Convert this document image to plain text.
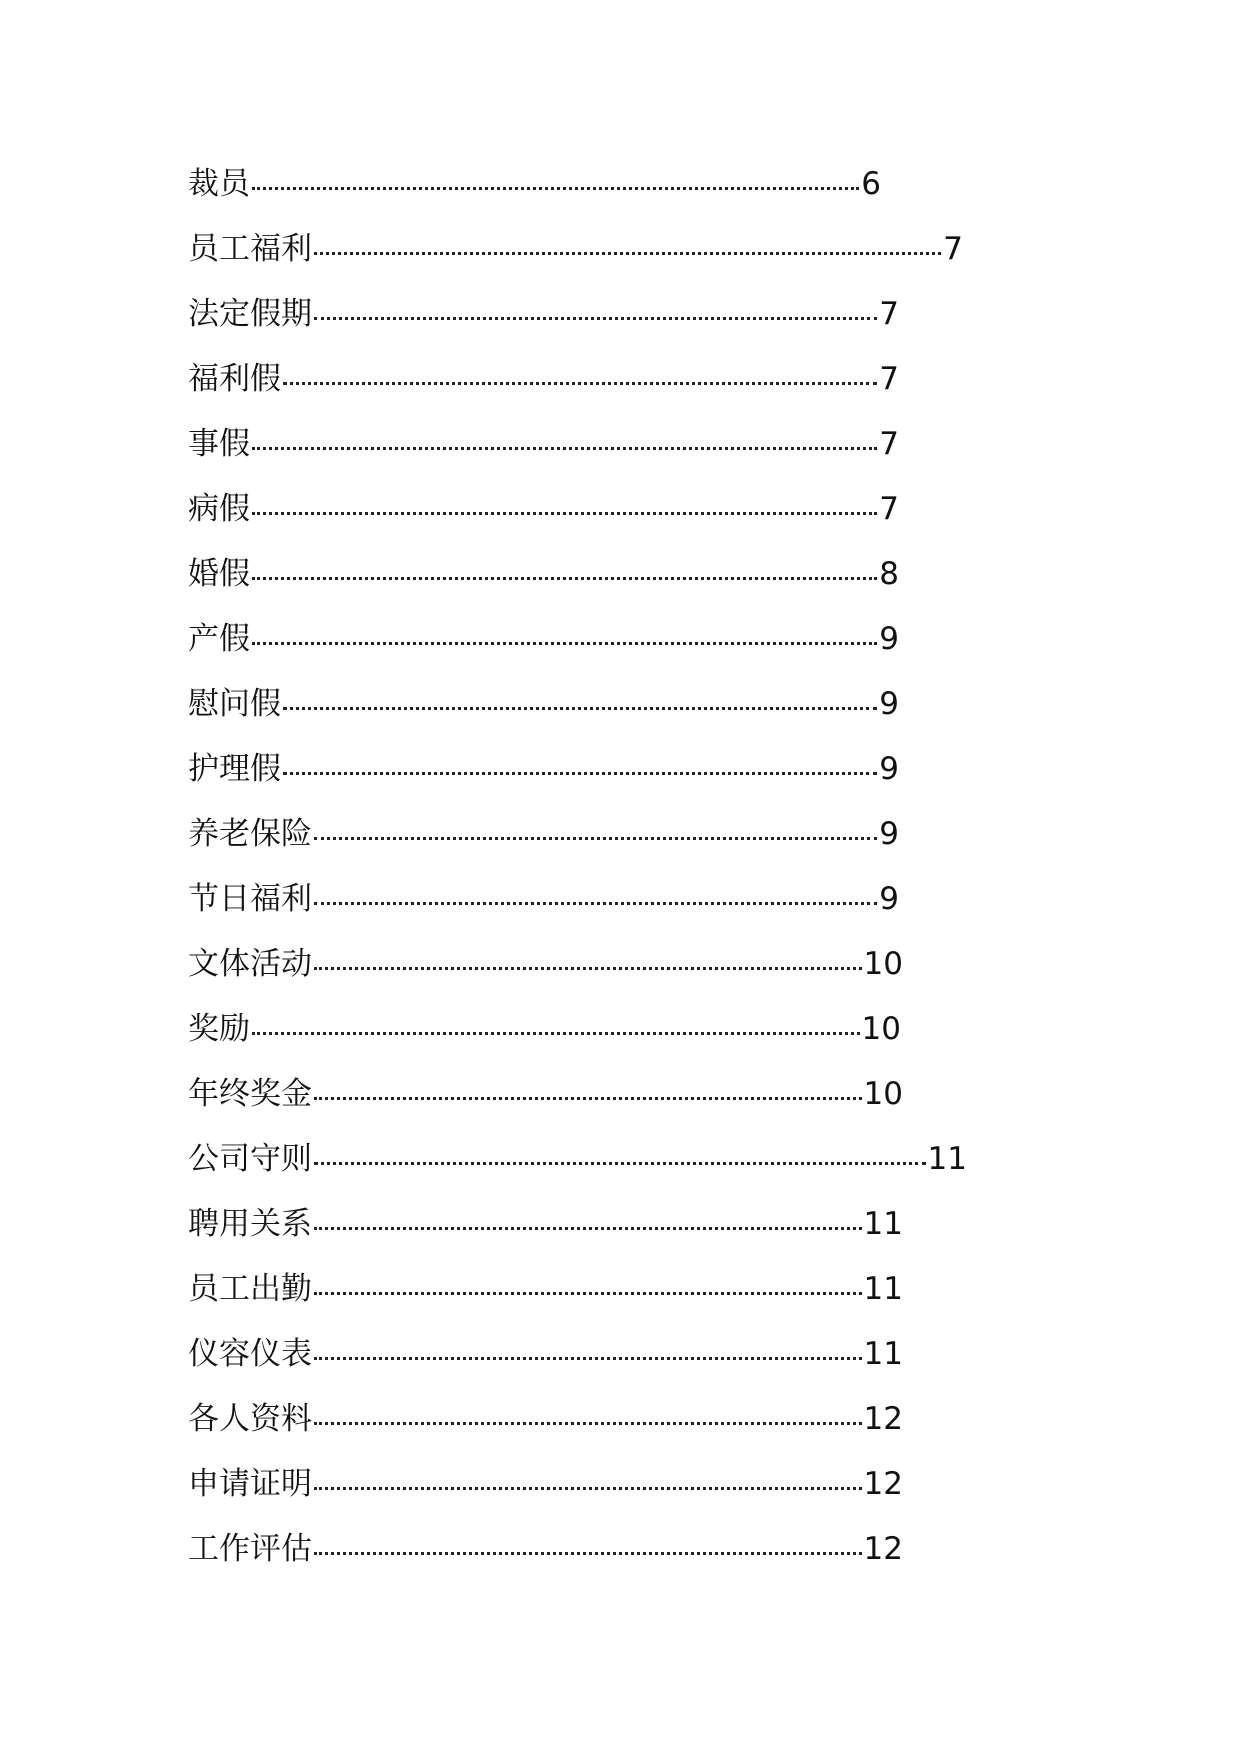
裁员	6
员工福利	7
法定假期	7
福利假	7
事假	7
病假	7
婚假	8
产假	9
慰问假	9
护理假	9
养老保险	9
节日福利	9
文体活动	10
奖励	10
年终奖金	10
公司守则	11
聘用关系	11
员工出勤	11
仪容仪表	11
各人资料	12
申请证明	12
工作评估	12
